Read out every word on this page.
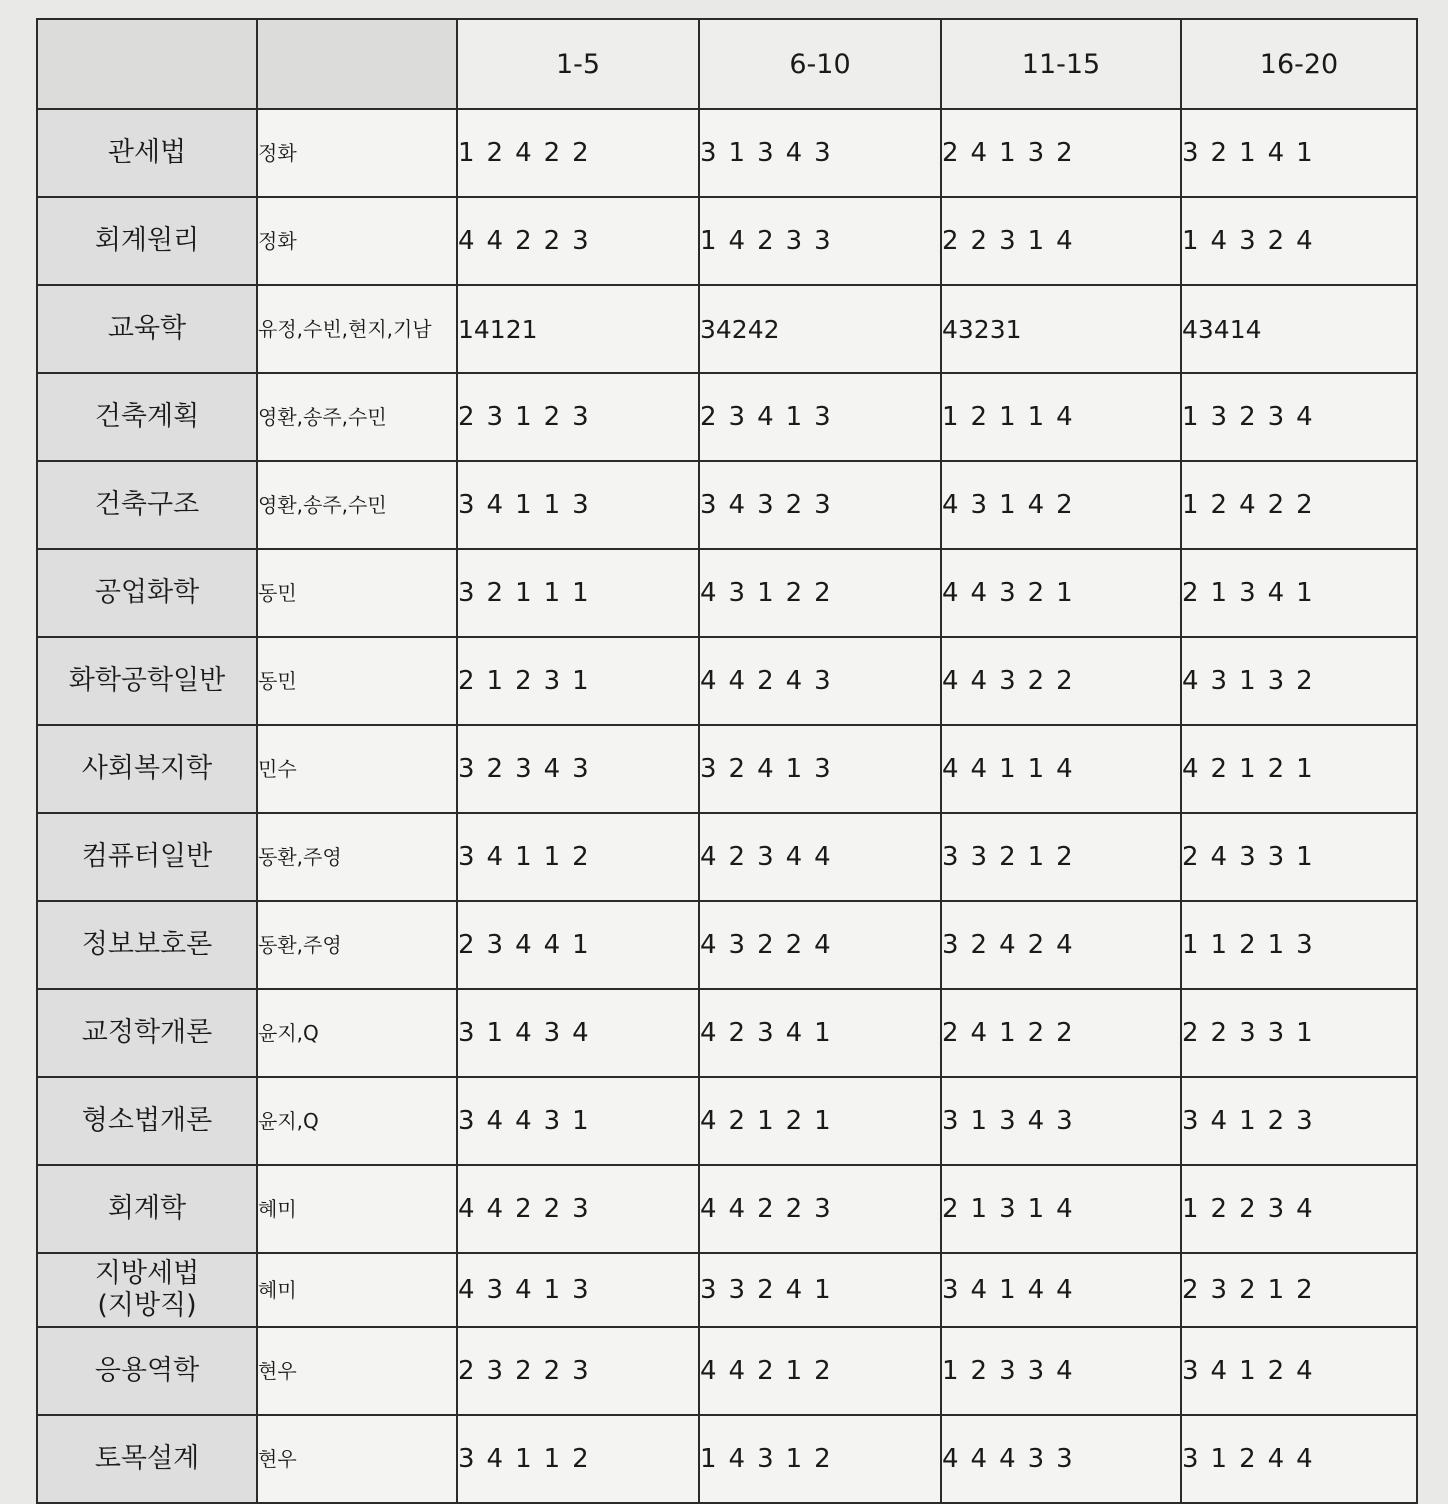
		1-5	6-10	11-15	16-20
관세법	정화	12422	31343	24132	32141
회계원리	정화	44223	14233	22314	14324
교육학	유정,수빈,현지,기남	14121	34242	43231	43414
건축계획	영환,송주,수민	23123	23413	12114	13234
건축구조	영환,송주,수민	34113	34323	43142	12422
공업화학	동민	32111	43122	44321	21341
화학공학일반	동민	21231	44243	44322	43132
사회복지학	민수	32343	32413	44114	42121
컴퓨터일반	동환,주영	34112	42344	33212	24331
정보보호론	동환,주영	23441	43224	32424	11213
교정학개론	윤지,Q	31434	42341	24122	22331
형소법개론	윤지,Q	34431	42121	31343	34123
회계학	혜미	44223	44223	21314	12234
지방세법
(지방직)	혜미	43413	33241	34144	23212
응용역학	현우	23223	44212	12334	34124
토목설계	현우	34112	14312	44433	31244
